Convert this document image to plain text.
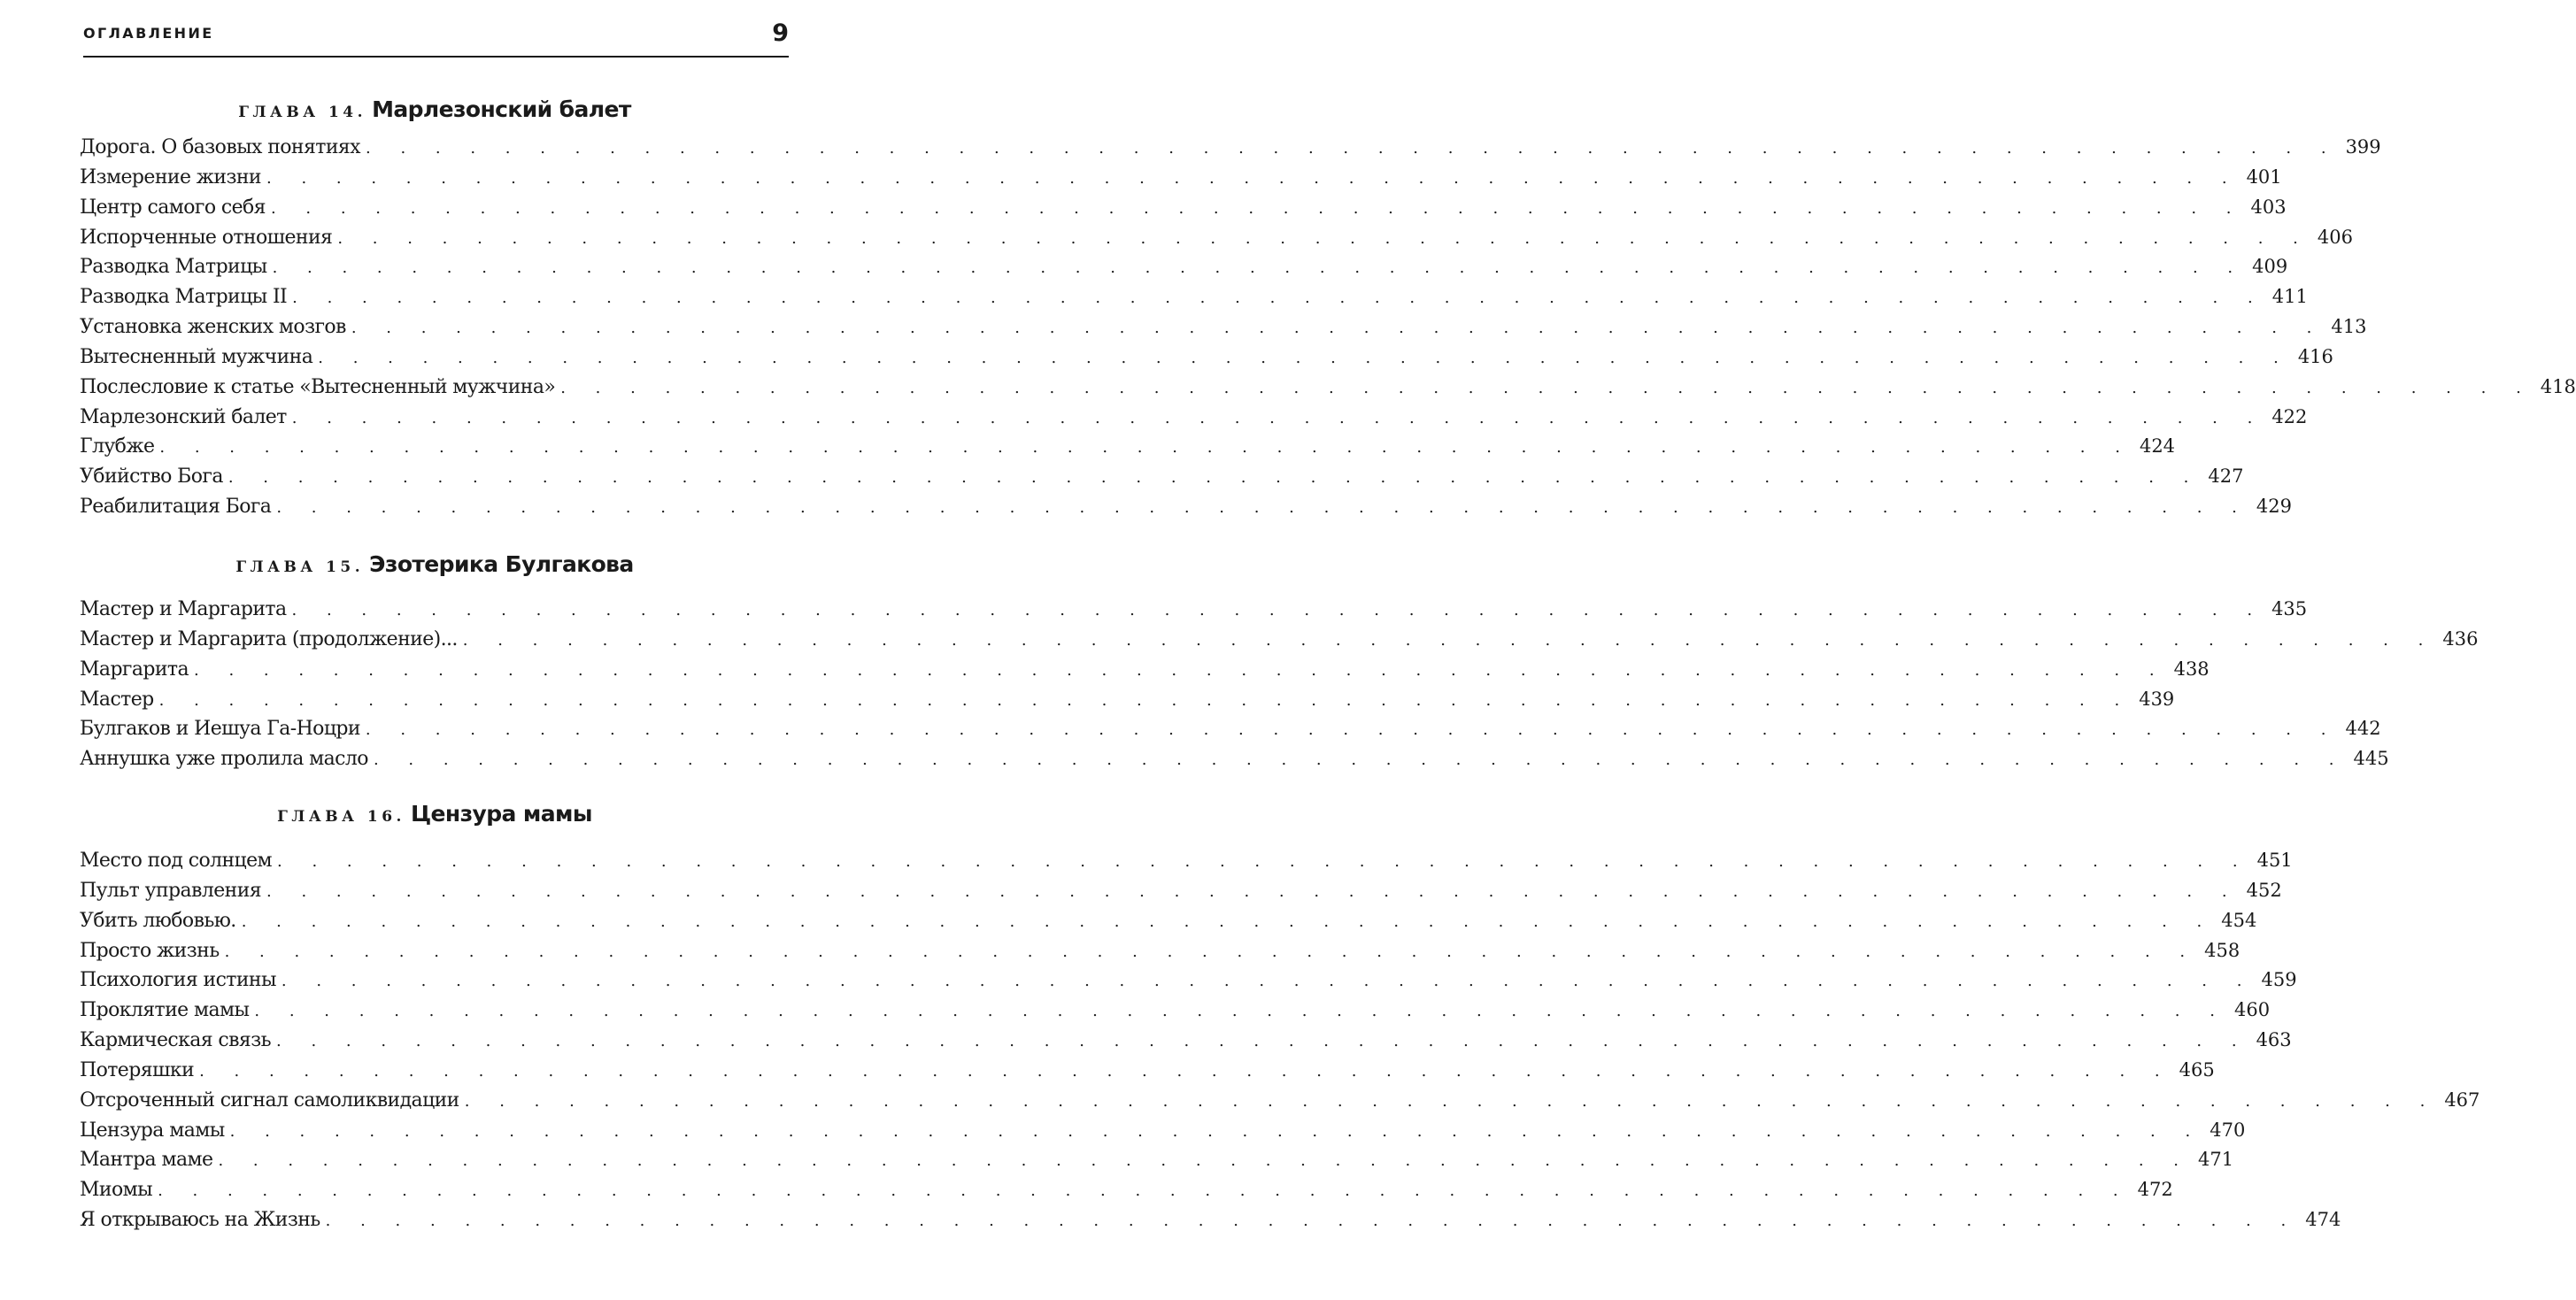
ОГЛАВЛЕНИЕ	9
ГЛАВА 14. Марлезонский балет
Дорога. О базовых понятиях . . . . . . . . . . . . . . . . . . . . . . . . . . . . . . . . . . . . . . . . . . . . . . . . . . . . . . . . . 399
Измерение жизни . . . . . . . . . . . . . . . . . . . . . . . . . . . . . . . . . . . . . . . . . . . . . . . . . . . . . . . . . 401
Центр самого себя . . . . . . . . . . . . . . . . . . . . . . . . . . . . . . . . . . . . . . . . . . . . . . . . . . . . . . . . . 403
Испорченные отношения . . . . . . . . . . . . . . . . . . . . . . . . . . . . . . . . . . . . . . . . . . . . . . . . . . . . . . . . . 406
Разводка Матрицы . . . . . . . . . . . . . . . . . . . . . . . . . . . . . . . . . . . . . . . . . . . . . . . . . . . . . . . . . 409
Разводка Матрицы II . . . . . . . . . . . . . . . . . . . . . . . . . . . . . . . . . . . . . . . . . . . . . . . . . . . . . . . . . 411
Установка женских мозгов . . . . . . . . . . . . . . . . . . . . . . . . . . . . . . . . . . . . . . . . . . . . . . . . . . . . . . . . . 413
Вытесненный мужчина . . . . . . . . . . . . . . . . . . . . . . . . . . . . . . . . . . . . . . . . . . . . . . . . . . . . . . . . . 416
Послесловие к статье «Вытесненный мужчина» . . . . . . . . . . . . . . . . . . . . . . . . . . . . . . . . . . . . . . . . . . . . . . . . . . . . . . . . . 418
Марлезонский балет . . . . . . . . . . . . . . . . . . . . . . . . . . . . . . . . . . . . . . . . . . . . . . . . . . . . . . . . . 422
Глубже . . . . . . . . . . . . . . . . . . . . . . . . . . . . . . . . . . . . . . . . . . . . . . . . . . . . . . . . . 424
Убийство Бога . . . . . . . . . . . . . . . . . . . . . . . . . . . . . . . . . . . . . . . . . . . . . . . . . . . . . . . . . 427
Реабилитация Бога . . . . . . . . . . . . . . . . . . . . . . . . . . . . . . . . . . . . . . . . . . . . . . . . . . . . . . . . . 429
ГЛАВА 15. Эзотерика Булгакова
Мастер и Маргарита . . . . . . . . . . . . . . . . . . . . . . . . . . . . . . . . . . . . . . . . . . . . . . . . . . . . . . . . . 435
Мастер и Маргарита (продолжение)... . . . . . . . . . . . . . . . . . . . . . . . . . . . . . . . . . . . . . . . . . . . . . . . . . . . . . . . . . 436
Маргарита . . . . . . . . . . . . . . . . . . . . . . . . . . . . . . . . . . . . . . . . . . . . . . . . . . . . . . . . . 438
Мастер . . . . . . . . . . . . . . . . . . . . . . . . . . . . . . . . . . . . . . . . . . . . . . . . . . . . . . . . . 439
Булгаков и Иешуа Га-Ноцри . . . . . . . . . . . . . . . . . . . . . . . . . . . . . . . . . . . . . . . . . . . . . . . . . . . . . . . . . 442
Аннушка уже пролила масло . . . . . . . . . . . . . . . . . . . . . . . . . . . . . . . . . . . . . . . . . . . . . . . . . . . . . . . . . 445
ГЛАВА 16. Цензура мамы
Место под солнцем . . . . . . . . . . . . . . . . . . . . . . . . . . . . . . . . . . . . . . . . . . . . . . . . . . . . . . . . . 451
Пульт управления . . . . . . . . . . . . . . . . . . . . . . . . . . . . . . . . . . . . . . . . . . . . . . . . . . . . . . . . . 452
Убить любовью. . . . . . . . . . . . . . . . . . . . . . . . . . . . . . . . . . . . . . . . . . . . . . . . . . . . . . . . . . 454
Просто жизнь . . . . . . . . . . . . . . . . . . . . . . . . . . . . . . . . . . . . . . . . . . . . . . . . . . . . . . . . . 458
Психология истины . . . . . . . . . . . . . . . . . . . . . . . . . . . . . . . . . . . . . . . . . . . . . . . . . . . . . . . . . 459
Проклятие мамы . . . . . . . . . . . . . . . . . . . . . . . . . . . . . . . . . . . . . . . . . . . . . . . . . . . . . . . . . 460
Кармическая связь . . . . . . . . . . . . . . . . . . . . . . . . . . . . . . . . . . . . . . . . . . . . . . . . . . . . . . . . . 463
Потеряшки . . . . . . . . . . . . . . . . . . . . . . . . . . . . . . . . . . . . . . . . . . . . . . . . . . . . . . . . . 465
Отсроченный сигнал самоликвидации . . . . . . . . . . . . . . . . . . . . . . . . . . . . . . . . . . . . . . . . . . . . . . . . . . . . . . . . . 467
Цензура мамы . . . . . . . . . . . . . . . . . . . . . . . . . . . . . . . . . . . . . . . . . . . . . . . . . . . . . . . . . 470
Мантра маме . . . . . . . . . . . . . . . . . . . . . . . . . . . . . . . . . . . . . . . . . . . . . . . . . . . . . . . . . 471
Миомы . . . . . . . . . . . . . . . . . . . . . . . . . . . . . . . . . . . . . . . . . . . . . . . . . . . . . . . . . 472
Я открываюсь на Жизнь . . . . . . . . . . . . . . . . . . . . . . . . . . . . . . . . . . . . . . . . . . . . . . . . . . . . . . . . . 474
